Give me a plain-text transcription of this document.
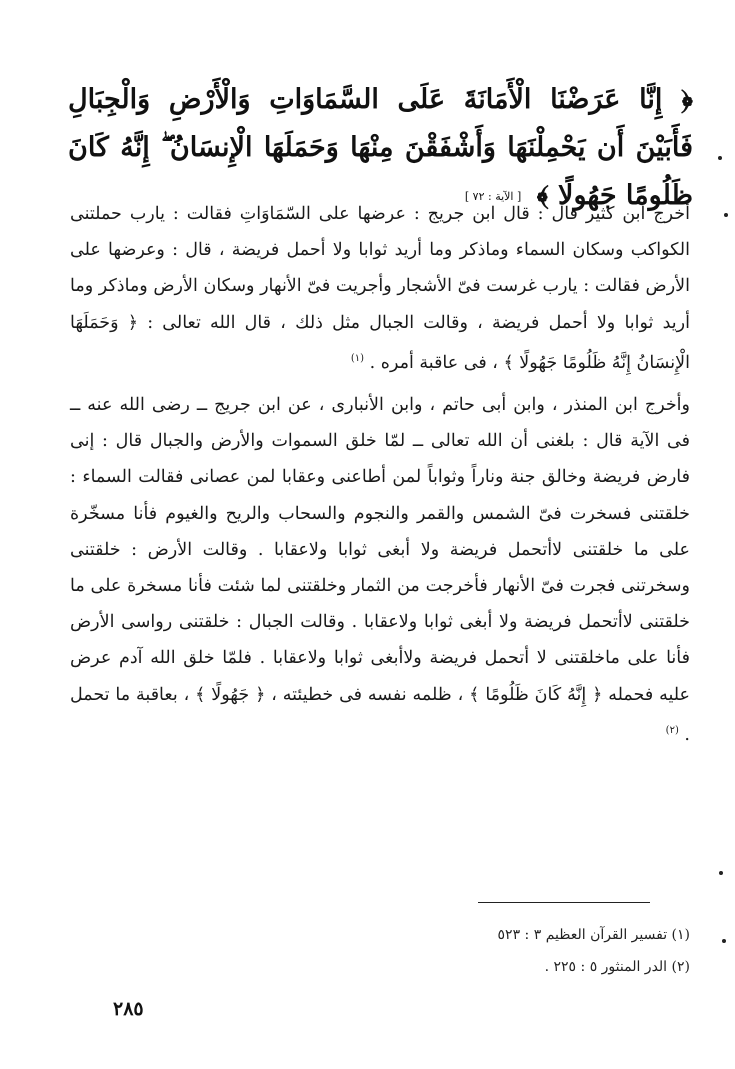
﴿ إِنَّا عَرَضْنَا الْأَمَانَةَ عَلَى السَّمَاوَاتِ وَالْأَرْضِ وَالْجِبَالِ فَأَبَيْنَ أَن يَحْمِلْنَهَا وَأَشْفَقْنَ مِنْهَا وَحَمَلَهَا الْإِنسَانُ ۖ إِنَّهُ كَانَ ظَلُومًا جَهُولًا ﴾ [ الآية : ٧٢ ]
أخرج ابن كثير قال : قال ابن جريج : عرضها على السّمَاوَاتِ فقالت : يارب حملتنى الكواكب وسكان السماء وماذكر وما أريد ثوابا ولا أحمل فريضة ، قال : وعرضها على الأرض فقالت : يارب غرست فىّ الأشجار وأجريت فىّ الأنهار وسكان الأرض وماذكر وما أريد ثوابا ولا أحمل فريضة ، وقالت الجبال مثل ذلك ، قال الله تعالى : ﴿ وَحَمَلَهَا الْإِنسَانُ إِنَّهُ ظَلُومًا جَهُولًا ﴾ ، فى عاقبة أمره . $^{(١)}$
وأخرج ابن المنذر ، وابن أبى حاتم ، وابن الأنبارى ، عن ابن جريج ــ رضى الله عنه ــ فى الآية قال : بلغنى أن الله تعالى ــ لمّا خلق السموات والأرض والجبال قال : إنى فارض فريضة وخالق جنة وناراً وثواباً لمن أطاعنى وعقابا لمن عصانى فقالت السماء : خلقتنى فسخرت فىّ الشمس والقمر والنجوم والسحاب والريح والغيوم فأنا مسخّرة على ما خلقتنى لاأتحمل فريضة ولا أبغى ثوابا ولاعقابا . وقالت الأرض : خلقتنى وسخرتنى فجرت فىّ الأنهار فأخرجت من الثمار وخلقتنى لما شئت فأنا مسخرة على ما خلقتنى لاأتحمل فريضة ولا أبغى ثوابا ولاعقابا . وقالت الجبال : خلقتنى رواسى الأرض فأنا على ماخلقتنى لا أتحمل فريضة ولاأبغى ثوابا ولاعقابا . فلمّا خلق الله آدم عرض عليه فحمله ﴿ إِنَّهُ كَانَ ظَلُومًا ﴾ ، ظلمه نفسه فى خطيئته ، ﴿ جَهُولًا ﴾ ، بعاقبة ما تحمل . $^{(٢)}$
(١) تفسير القرآن العظيم ٣ : ٥٢٣
(٢) الدر المنثور ٥ : ٢٢٥ .
٢٨٥
